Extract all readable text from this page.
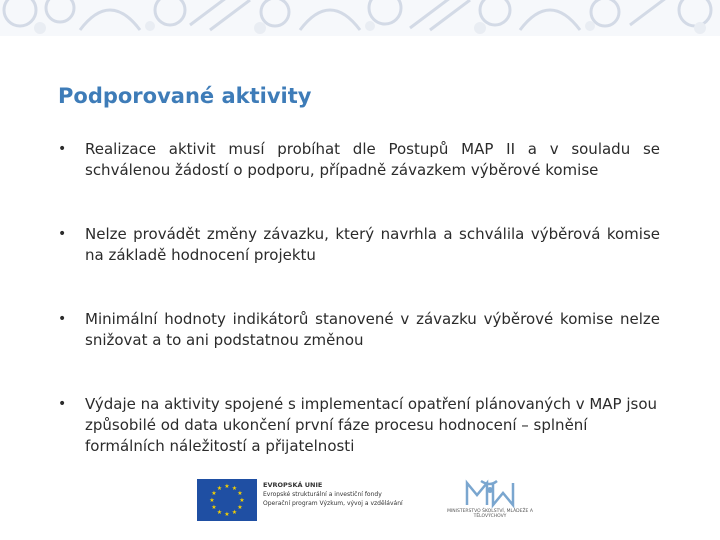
Podporované aktivity
• Realizace aktivit musí probíhat dle Postupů MAP II a v souladu se schválenou žádostí o podporu, případně závazkem výběrové komise
• Nelze provádět změny závazku, který navrhla a schválila výběrová komise na základě hodnocení projektu
• Minimální hodnoty indikátorů stanovené v závazku výběrové komise nelze snižovat a to ani podstatnou změnou
• Výdaje na aktivity spojené s implementací opatření plánovaných v MAP jsou způsobilé od data ukončení první fáze procesu hodnocení – splnění formálních náležitostí a přijatelnosti
★ ★
★
★
★
★
★
★
★
★
★
★	EVROPSKÁ UNIE
Evropské strukturální a investiční fondy
Operační program Výzkum, vývoj a vzdělávání
MINISTERSTVO ŠKOLSTVÍ, MLÁDEŽE A TĚLOVÝCHOVY
